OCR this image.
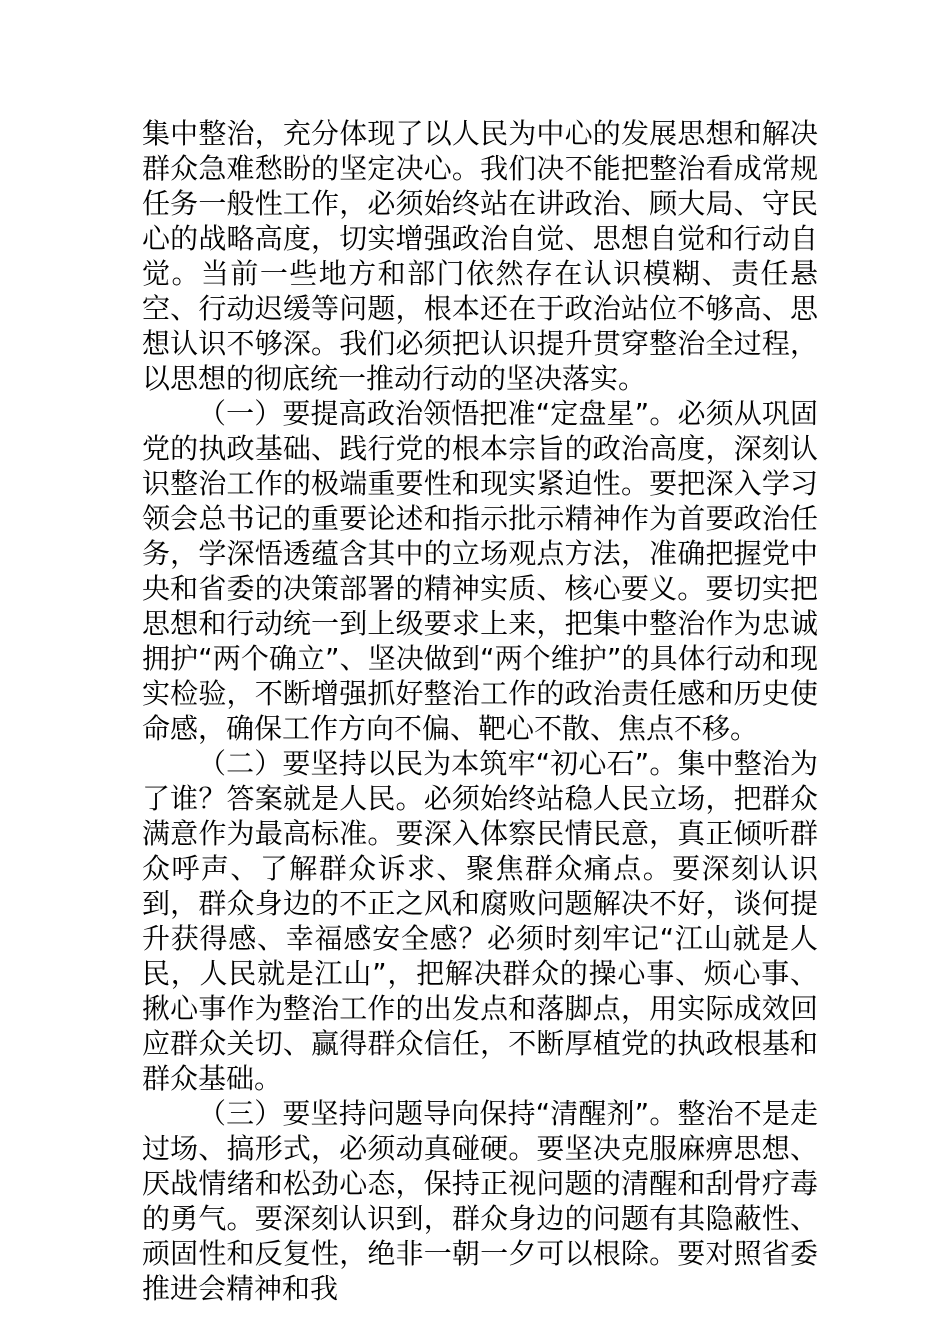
集中整治，充分体现了以人民为中心的发展思想和解决群众急难愁盼的坚定决心。我们决不能把整治看成常规任务一般性工作，必须始终站在讲政治、顾大局、守民心的战略高度，切实增强政治自觉、思想自觉和行动自觉。当前一些地方和部门依然存在认识模糊、责任悬空、行动迟缓等问题，根本还在于政治站位不够高、思想认识不够深。我们必须把认识提升贯穿整治全过程，以思想的彻底统一推动行动的坚决落实。

（一）要提高政治领悟把准“定盘星”。必须从巩固党的执政基础、践行党的根本宗旨的政治高度，深刻认识整治工作的极端重要性和现实紧迫性。要把深入学习领会总书记的重要论述和指示批示精神作为首要政治任务，学深悟透蕴含其中的立场观点方法，准确把握党中央和省委的决策部署的精神实质、核心要义。要切实把思想和行动统一到上级要求上来，把集中整治作为忠诚拥护“两个确立”、坚决做到“两个维护”的具体行动和现实检验，不断增强抓好整治工作的政治责任感和历史使命感，确保工作方向不偏、靶心不散、焦点不移。

（二）要坚持以民为本筑牢“初心石”。集中整治为了谁？答案就是人民。必须始终站稳人民立场，把群众满意作为最高标准。要深入体察民情民意，真正倾听群众呼声、了解群众诉求、聚焦群众痛点。要深刻认识到，群众身边的不正之风和腐败问题解决不好，谈何提升获得感、幸福感安全感？必须时刻牢记“江山就是人民，人民就是江山”，把解决群众的操心事、烦心事、揪心事作为整治工作的出发点和落脚点，用实际成效回应群众关切、赢得群众信任，不断厚植党的执政根基和群众基础。

（三）要坚持问题导向保持“清醒剂”。整治不是走过场、搞形式，必须动真碰硬。要坚决克服麻痹思想、厌战情绪和松劲心态，保持正视问题的清醒和刮骨疗毒的勇气。要深刻认识到，群众身边的问题有其隐蔽性、顽固性和反复性，绝非一朝一夕可以根除。要对照省委推进会精神和我
